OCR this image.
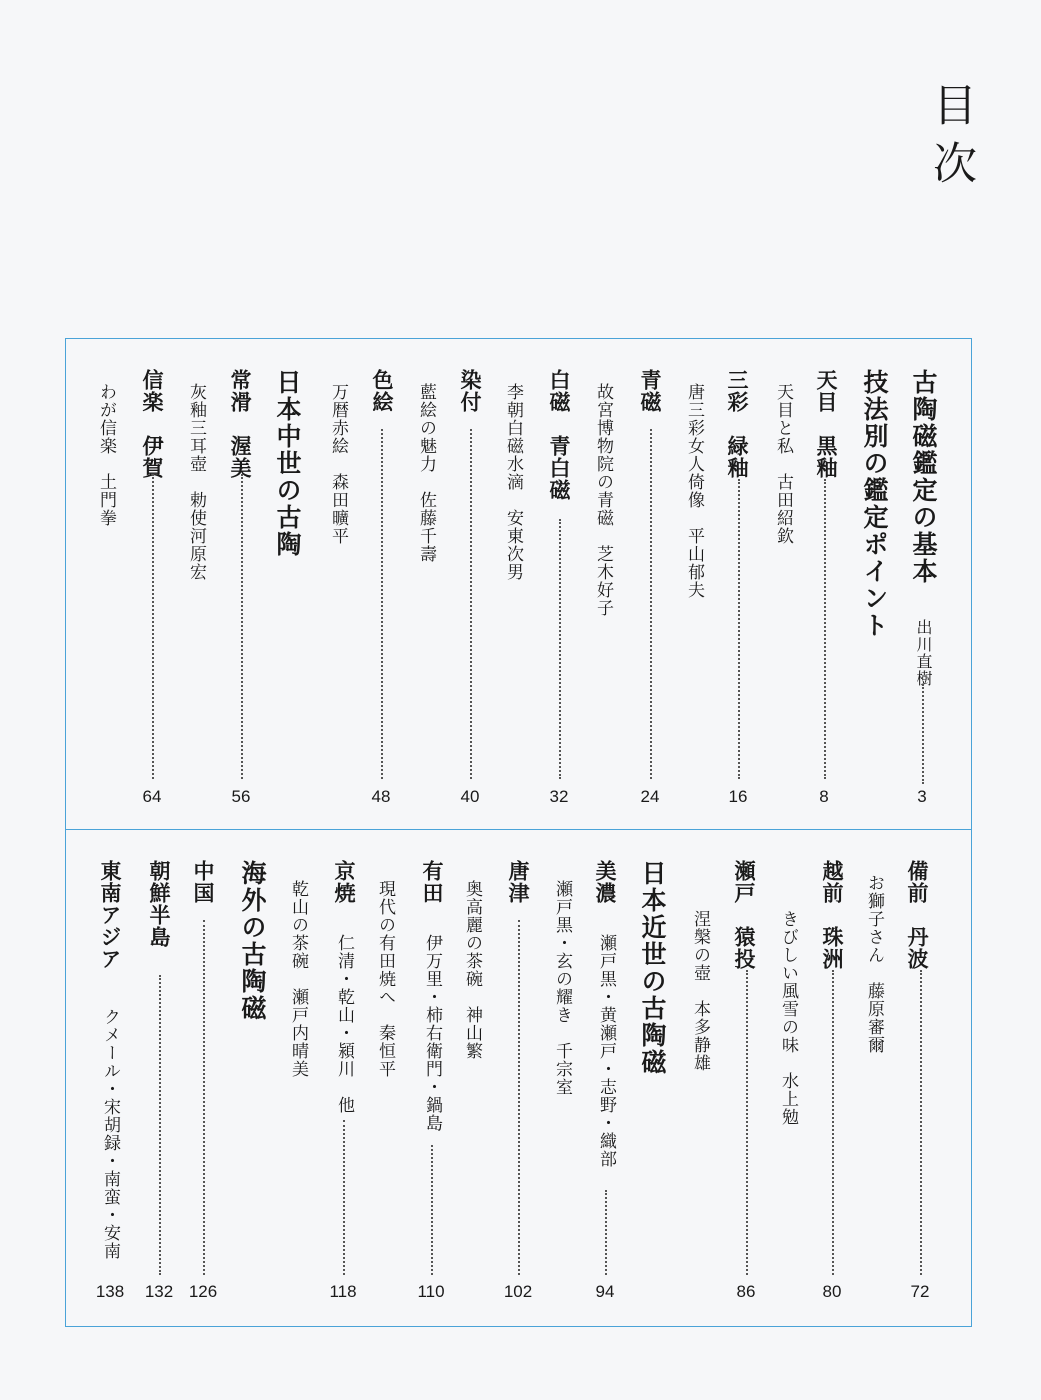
目次
古陶磁鑑定の基本
出川直樹
3
技法別の鑑定ポイント
天目　黒釉
天目と私　古田紹欽
8
三彩　緑釉
唐三彩女人倚像　平山郁夫
16
青磁
故宮博物院の青磁　芝木好子
24
白磁　青白磁
李朝白磁水滴　安東次男
32
染付
藍絵の魅力　佐藤千壽
40
色絵
万暦赤絵　森田曠平
48
日本中世の古陶
常滑　渥美
灰釉三耳壺　勅使河原宏
56
信楽　伊賀
わが信楽　土門拳
64
備前　丹波
お獅子さん　藤原審爾
72
越前　珠洲
きびしい風雪の味　水上勉
80
瀬戸　猿投
涅槃の壺　本多静雄
86
日本近世の古陶磁
美濃
瀬戸黒・黄瀬戸・志野・織部
瀬戸黒・玄の耀き　千宗室
94
唐津
奥高麗の茶碗　神山繁
102
有田
伊万里・柿右衛門・鍋島
現代の有田焼へ　秦恒平
110
京焼
仁清・乾山・潁川　他
乾山の茶碗　瀬戸内晴美
118
海外の古陶磁
中国
126
朝鮮半島
132
東南アジア
クメール・宋胡録・南蛮・安南
138
